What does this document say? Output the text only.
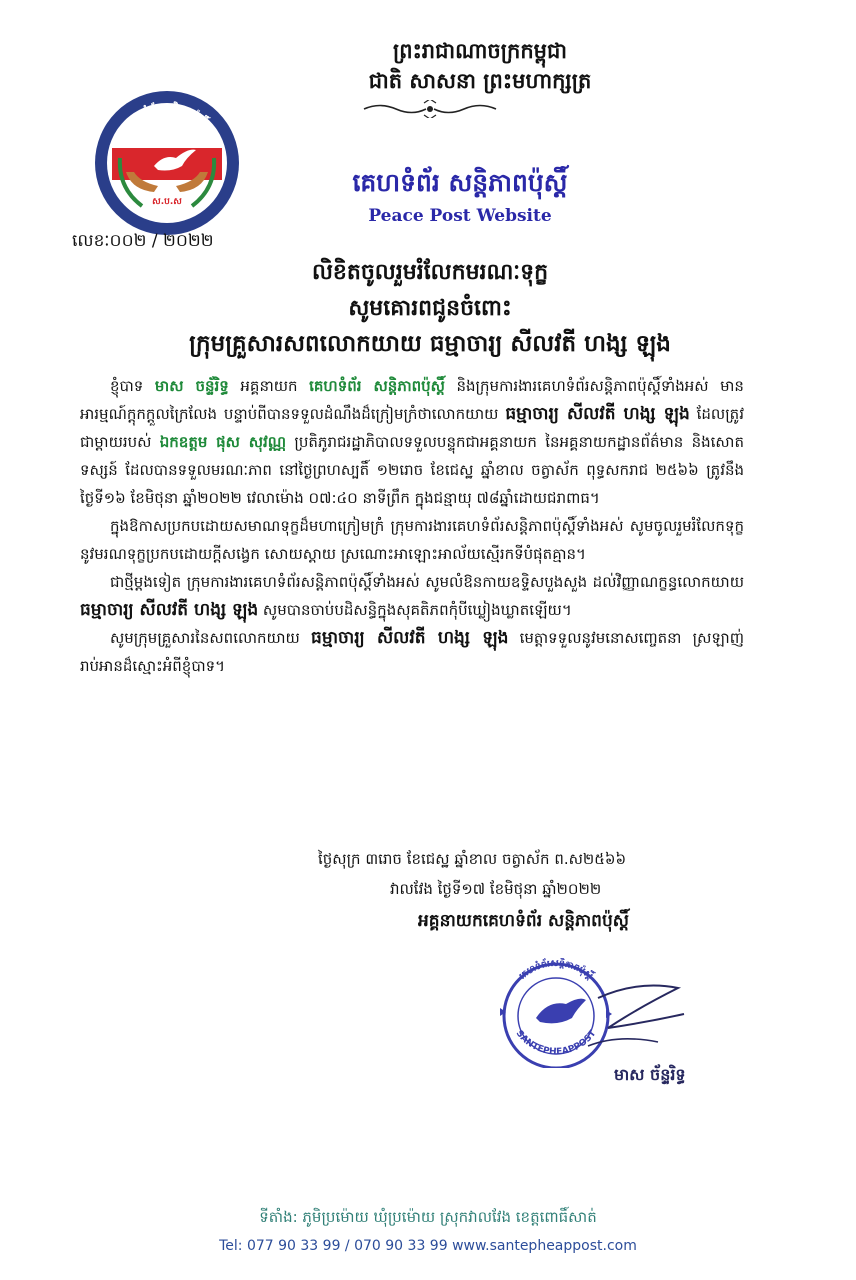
គេហទំព័រ សន្តិភាពប៉ុស្តិ៍
PEACE POST WEBSITE
ស.ប.ស
P.P.W
ព្រះរាជាណាចក្រកម្ពុជា
ជាតិ សាសនា ព្រះមហាក្សត្រ
គេហទំព័រ សន្តិភាពប៉ុស្តិ៍
Peace Post Website
លេខៈ០០២ / ២០២២
លិខិតចូលរួមរំលែកមរណៈទុក្ខ
សូមគោរពជូនចំពោះ
ក្រុមគ្រួសារសពលោកយាយ ធម្មាចារ្យ សីលវតី ហង្ស ឡុង

ខ្ញុំបាទ មាស ចន្ទ័រិទ្ធ អគ្គនាយក គេហទំព័រ សន្តិភាពប៉ុស្តិ៍ និងក្រុមការងារគេហទំព័រសន្តិភាពប៉ុស្តិ៍ទាំងអស់ មានអារម្មណ៍ក្តុកក្តួលក្រៃលែង បន្ទាប់ពីបានទទួលដំណឹងដ៏ក្រៀមក្រំថាលោកយាយ ធម្មាចារ្យ សីលវតី ហង្ស ឡុង ដែលត្រូវជាម្តាយរបស់ ឯកឧត្តម ផុស សុវណ្ណ ប្រតិភូរាជរដ្ឋាភិបាលទទួលបន្ទុកជាអគ្គនាយក នៃអគ្គនាយកដ្ឋានព័ត៌មាន និងសោតទស្សន៍ ដែលបានទទួលមរណៈភាព នៅថ្ងៃព្រហស្បតិ៍ ១២រោច ខែជេស្ឋ ឆ្នាំខាល ចត្វាស័ក ពុទ្ធសករាជ ២៥៦៦ ត្រូវនឹងថ្ងៃទី១៦ ខែមិថុនា ឆ្នាំ២០២២ វេលាម៉ោង ០៧:៤០ នាទីព្រឹក ក្នុងជន្មាយុ ៧៨ឆ្នាំដោយជរាពាធ។

ក្នុងឱកាសប្រកបដោយសមាណទុក្ខដ៏មហាក្រៀមក្រំ ក្រុមការងារគេហទំព័រសន្តិភាពប៉ុស្តិ៍ទាំងអស់ សូមចូលរួមរំលែកទុក្ខនូវមរណទុក្ខប្រកបដោយក្តីសង្វេក សោយស្តាយ ស្រណោះអាឡោះអាល័យស្មើរកទីបំផុតគ្មាន។

ជាថ្មីម្តងទៀត ក្រុមការងារគេហទំព័រសន្តិភាពប៉ុស្តិ៍ទាំងអស់ សូមលំឱនកាយឧទ្ទិសបួងសួង ដល់វិញ្ញាណក្ខន្ធលោកយាយ ធម្មាចារ្យ សីលវតី ហង្ស ឡុង សូមបានចាប់បដិសន្ធិក្នុងសុគតិភពកុំបីឃ្លៀងឃ្លាតឡើយ។

សូមក្រុមគ្រួសារនៃសពលោកយាយ ធម្មាចារ្យ សីលវតី ហង្ស ឡុង មេត្តាទទួលនូវមនោសញ្ចេតនា ស្រឡាញ់រាប់អានដ៏ស្មោះអំពីខ្ញុំបាទ។

ថ្ងៃសុក្រ ៣រោច ខែជេស្ឋ ឆ្នាំខាល ចត្វាស័ក ព.ស២៥៦៦
វាលវែង ថ្ងៃទី១៧ ខែមិថុនា ឆ្នាំ២០២២
អគ្គនាយកគេហទំព័រ សន្តិភាពប៉ុស្តិ៍
គេហទំព័រសន្តិភាពប៉ុស្តិ៍
SANTEPHEAPPOST
មាស ច័ន្ទរិទ្ធ
ទីតាំង: ភូមិប្រម៉ោយ ឃុំប្រម៉ោយ ស្រុកវាលវែង ខេត្តពោធិ៍សាត់
Tel: 077 90 33 99 / 070 90 33 99 www.santepheappost.com
